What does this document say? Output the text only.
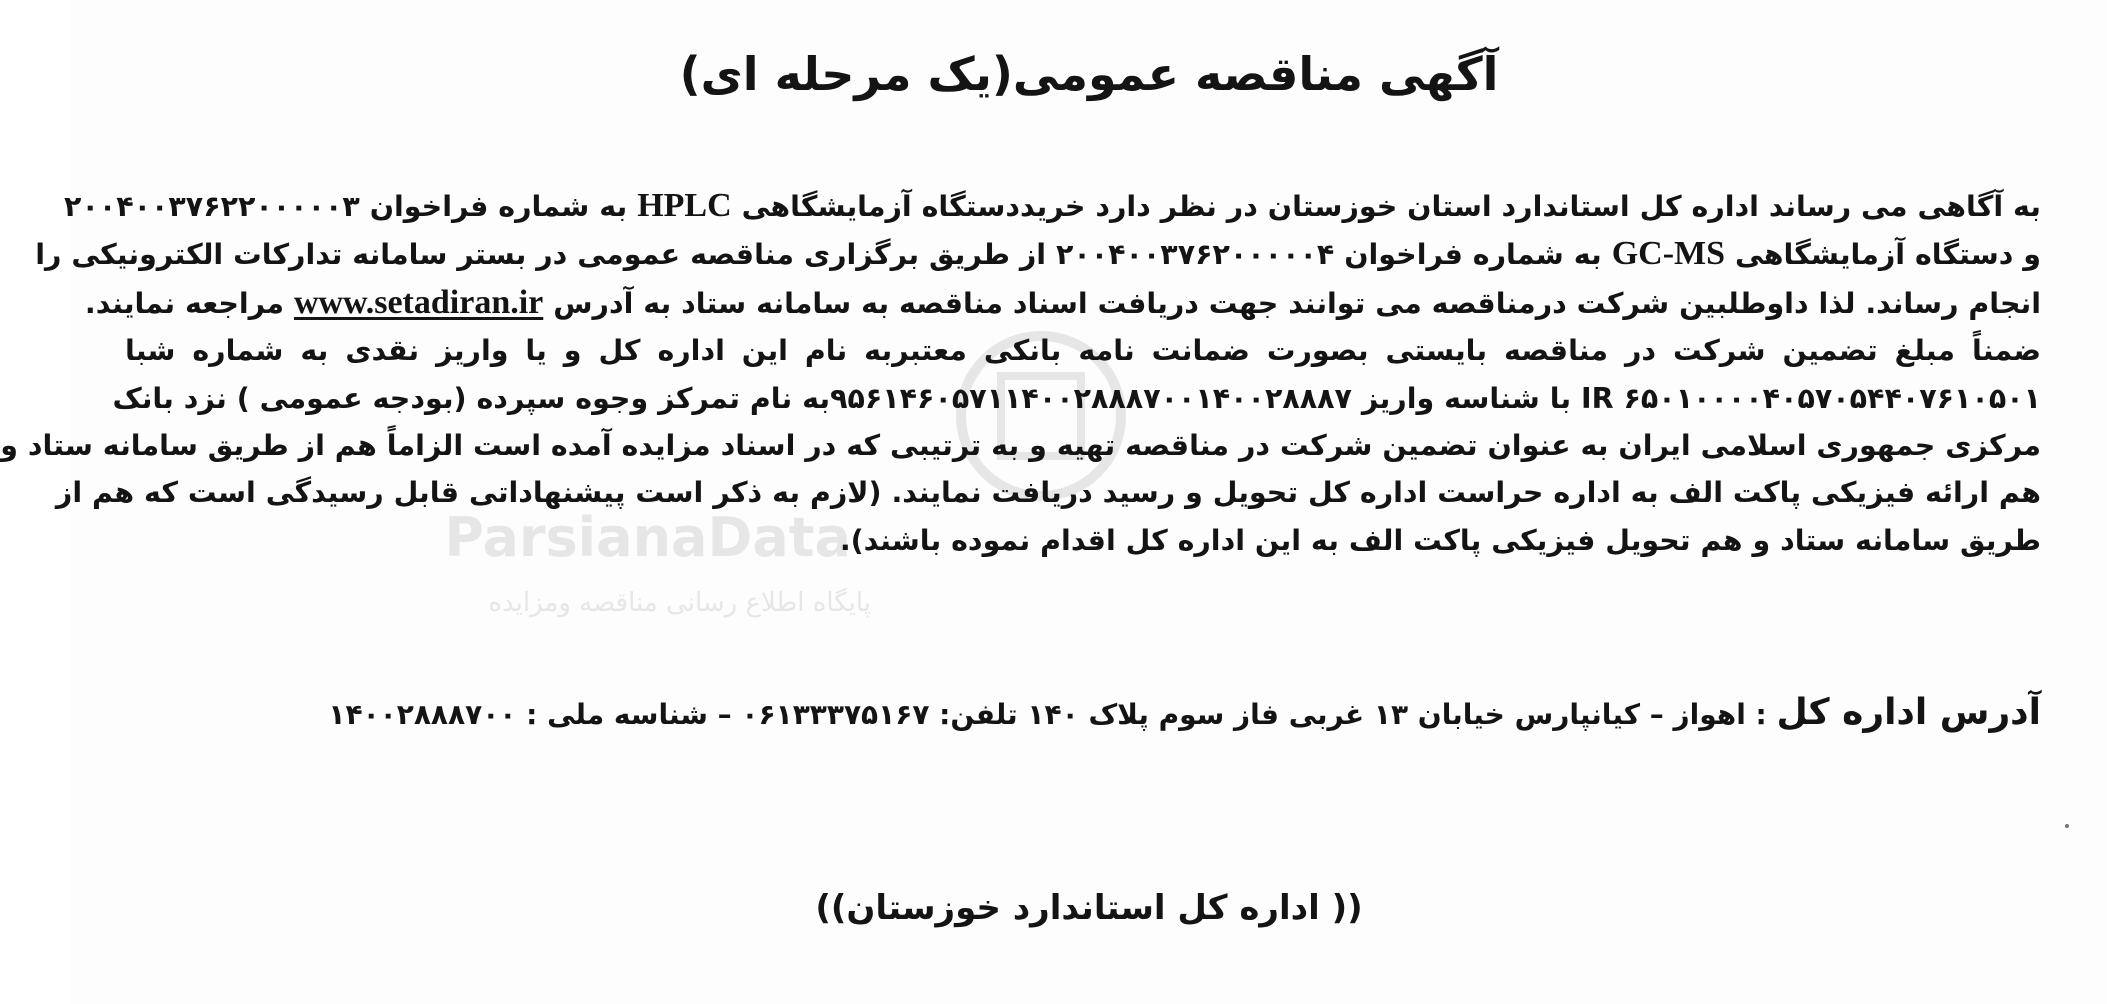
ParsianaData
پایگاه اطلاع رسانی مناقصه ومزایده
آگهی مناقصه عمومی(یک مرحله ای)
به آگاهی می رساند اداره کل استاندارد استان خوزستان در نظر دارد خریددستگاه آزمایشگاهی HPLC به شماره فراخوان ۲۰۰۴۰۰۳۷۶۲۲۰۰۰۰۰۳
و دستگاه آزمایشگاهی GC-MS به شماره فراخوان ۲۰۰۴۰۰۳۷۶۲۰۰۰۰۰۴ از طریق برگزاری مناقصه عمومی در بستر سامانه تدارکات الکترونیکی را
انجام رساند. لذا داوطلبین شرکت درمناقصه می توانند جهت دریافت اسناد مناقصه به سامانه ستاد به آدرس www.setadiran.ir مراجعه نمایند.
ضمناً مبلغ تضمین شرکت در مناقصه بایستی بصورت ضمانت نامه بانکی معتبربه نام این اداره کل و یا واریز نقدی به شماره شبا
IR ۶۵۰۱۰۰۰۰۴۰۵۷۰۵۴۴۰۷۶۱۰۵۰۱ با شناسه واریز ۹۵۶۱۴۶۰۵۷۱۱۴۰۰۲۸۸۸۷۰۰۱۴۰۰۲۸۸۸۷به نام تمرکز وجوه سپرده (بودجه عمومی ) نزد بانک
مرکزی جمهوری اسلامی ایران به عنوان تضمین شرکت در مناقصه تهیه و به ترتیبی که در اسناد مزایده آمده است الزاماً هم از طریق سامانه ستاد و
هم ارائه فیزیکی پاکت الف به اداره حراست اداره کل تحویل و رسید دریافت نمایند. (لازم به ذکر است پیشنهاداتی قابل رسیدگی است که هم از
طریق سامانه ستاد و هم تحویل فیزیکی پاکت الف به این اداره کل اقدام نموده باشند).
آدرس اداره کل : اهواز – کیانپارس خیابان ۱۳ غربی فاز سوم پلاک ۱۴۰ تلفن: ۰۶۱۳۳۳۷۵۱۶۷ – شناسه ملی : ۱۴۰۰۲۸۸۸۷۰۰
(( اداره کل استاندارد خوزستان))
